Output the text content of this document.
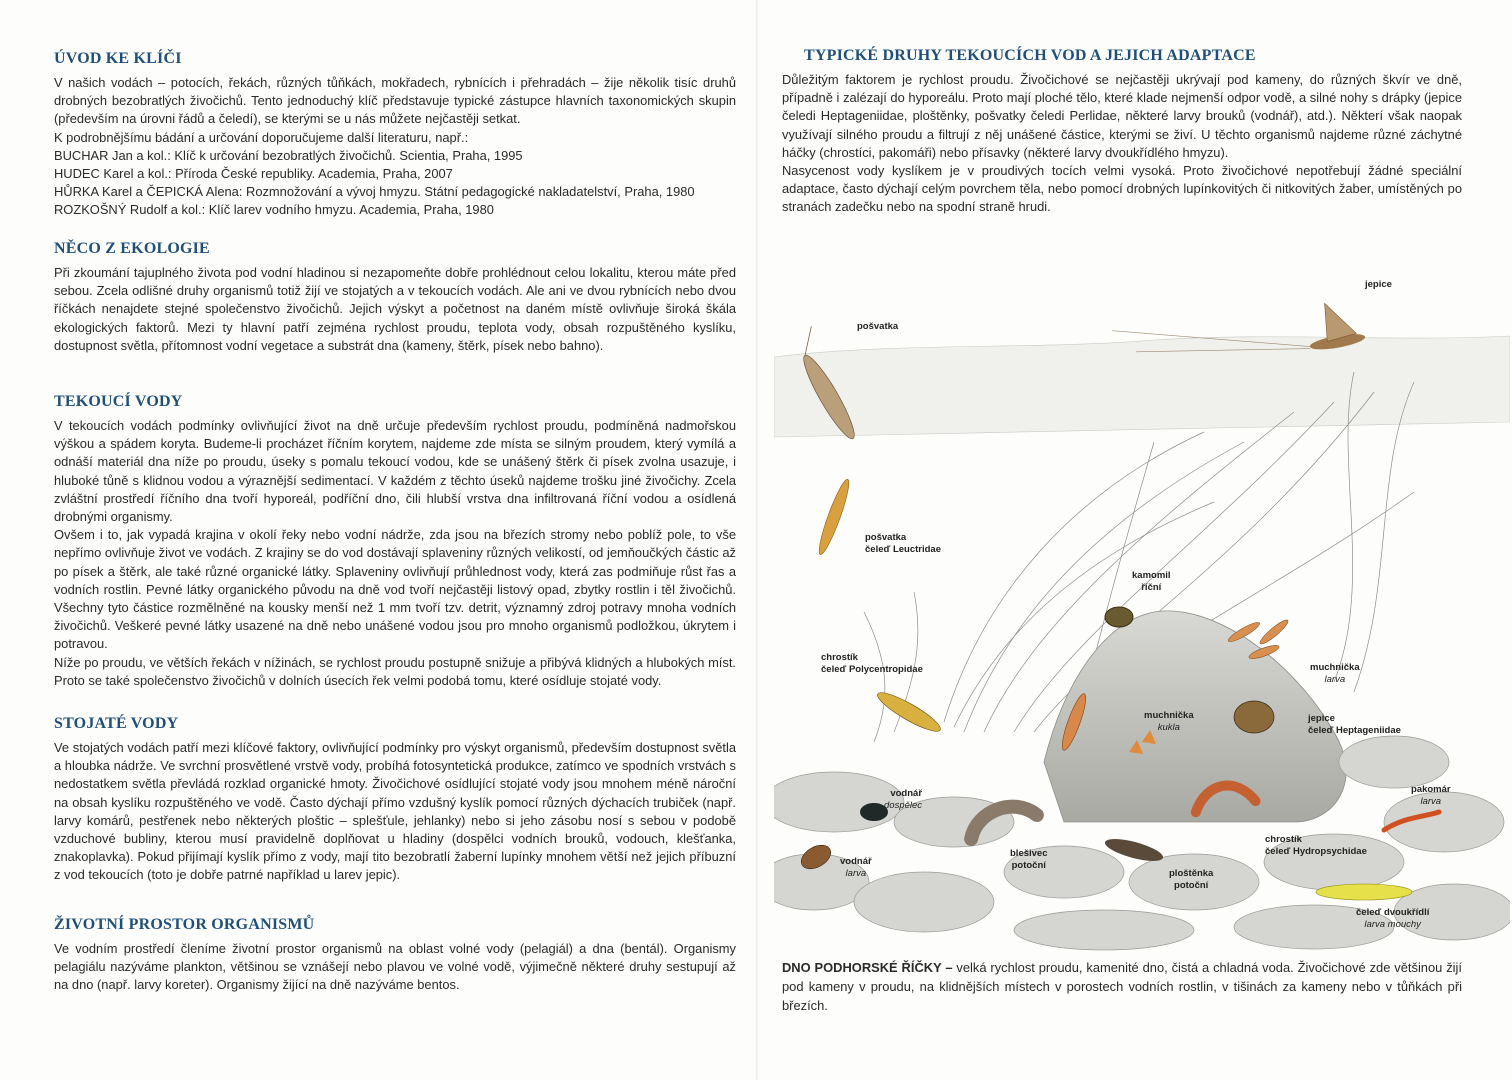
ÚVOD KE KLÍČI

V našich vodách – potocích, řekách, různých tůňkách, mokřadech, rybnících i přehradách – žije několik tisíc druhů drobných bezobratlých živočichů. Tento jednoduchý klíč představuje typické zástupce hlavních taxonomických skupin (především na úrovni řádů a čeledí), se kterými se u nás můžete nejčastěji setkat.

K podrobnějšímu bádání a určování doporučujeme další literaturu, např.:

BUCHAR Jan a kol.: Klíč k určování bezobratlých živočichů. Scientia, Praha, 1995
HUDEC Karel a kol.: Příroda České republiky. Academia, Praha, 2007
HŮRKA Karel a ČEPICKÁ Alena: Rozmnožování a vývoj hmyzu. Státní pedagogické nakladatelství, Praha, 1980
ROZKOŠNÝ Rudolf a kol.: Klíč larev vodního hmyzu. Academia, Praha, 1980
NĚCO Z EKOLOGIE

Při zkoumání tajuplného života pod vodní hladinou si nezapomeňte dobře prohlédnout celou lokalitu, kterou máte před sebou. Zcela odlišné druhy organismů totiž žijí ve stojatých a v tekoucích vodách. Ale ani ve dvou rybnících nebo dvou říčkách nenajdete stejné společenstvo živočichů. Jejich výskyt a početnost na daném místě ovlivňuje široká škála ekologických faktorů. Mezi ty hlavní patří zejména rychlost proudu, teplota vody, obsah rozpuštěného kyslíku, dostupnost světla, přítomnost vodní vegetace a substrát dna (kameny, štěrk, písek nebo bahno).

TEKOUCÍ VODY

V tekoucích vodách podmínky ovlivňující život na dně určuje především rychlost proudu, podmíněná nadmořskou výškou a spádem koryta. Budeme-li procházet říčním korytem, najdeme zde místa se silným proudem, který vymílá a odnáší materiál dna níže po proudu, úseky s pomalu tekoucí vodou, kde se unášený štěrk či písek zvolna usazuje, i hluboké tůně s klidnou vodou a výraznější sedimentací. V každém z těchto úseků najdeme trošku jiné živočichy. Zcela zvláštní prostředí říčního dna tvoří hyporeál, podříční dno, čili hlubší vrstva dna infiltrovaná říční vodou a osídlená drobnými organismy.

Ovšem i to, jak vypadá krajina v okolí řeky nebo vodní nádrže, zda jsou na březích stromy nebo poblíž pole, to vše nepřímo ovlivňuje život ve vodách. Z krajiny se do vod dostávají splaveniny různých velikostí, od jemňoučkých částic až po písek a štěrk, ale také různé organické látky. Splaveniny ovlivňují průhlednost vody, která zas podmiňuje růst řas a vodních rostlin. Pevné látky organického původu na dně vod tvoří nejčastěji listový opad, zbytky rostlin i těl živočichů. Všechny tyto částice rozmělněné na kousky menší než 1 mm tvoří tzv. detrit, významný zdroj potravy mnoha vodních živočichů. Veškeré pevné látky usazené na dně nebo unášené vodou jsou pro mnoho organismů podložkou, úkrytem i potravou.

Níže po proudu, ve větších řekách v nížinách, se rychlost proudu postupně snižuje a přibývá klidných a hlubokých míst. Proto se také společenstvo živočichů v dolních úsecích řek velmi podobá tomu, které osídluje stojaté vody.

STOJATÉ VODY

Ve stojatých vodách patří mezi klíčové faktory, ovlivňující podmínky pro výskyt organismů, především dostupnost světla a hloubka nádrže. Ve svrchní prosvětlené vrstvě vody, probíhá fotosyntetická produkce, zatímco ve spodních vrstvách s nedostatkem světla převládá rozklad organické hmoty. Živočichové osídlující stojaté vody jsou mnohem méně nároční na obsah kyslíku rozpuštěného ve vodě. Často dýchají přímo vzdušný kyslík pomocí různých dýchacích trubiček (např. larvy komárů, pestřenek nebo některých ploštic – splešťule, jehlanky) nebo si jeho zásobu nosí s sebou v podobě vzduchové bubliny, kterou musí pravidelně doplňovat u hladiny (dospělci vodních brouků, vodouch, klešťanka, znakoplavka). Pokud přijímají kyslík přímo z vody, mají tito bezobratlí žaberní lupínky mnohem větší než jejich příbuzní z vod tekoucích (toto je dobře patrné například u larev jepic).

ŽIVOTNÍ PROSTOR ORGANISMŮ

Ve vodním prostředí členíme životní prostor organismů na oblast volné vody (pelagiál) a dna (bentál). Organismy pelagiálu nazýváme plankton, většinou se vznášejí nebo plavou ve volné vodě, výjimečně některé druhy sestupují až na dno (např. larvy koreter). Organismy žijící na dně nazýváme bentos.

TYPICKÉ DRUHY TEKOUCÍCH VOD A JEJICH ADAPTACE

Důležitým faktorem je rychlost proudu. Živočichové se nejčastěji ukrývají pod kameny, do různých škvír ve dně, případně i zalézají do hyporeálu. Proto mají ploché tělo, které klade nejmenší odpor vodě, a silné nohy s drápky (jepice čeledi Heptageniidae, ploštěnky, pošvatky čeledi Perlidae, některé larvy brouků (vodnář), atd.). Některí však naopak využívají silného proudu a filtrují z něj unášené částice, kterými se živí. U těchto organismů najdeme různé záchytné háčky (chrostíci, pakomáři) nebo přísavky (některé larvy dvoukřídlého hmyzu).

Nasycenost vody kyslíkem je v proudivých tocích velmi vysoká. Proto živočichové nepotřebují žádné speciální adaptace, často dýchají celým povrchem těla, nebo pomocí drobných lupínkovitých či nitkovitých žaber, umístěných po stranách zadečku nebo na spodní straně hrudi.

jepice
pošvatka
pošvatka
čeleď Leuctridae
kamomil
říční
chrostík
čeleď Polycentropidae	muchnička
larva
muchnička
kukla
jepice
čeleď Heptageniidae
vodnář
dospělec
vodnář
larva
blešivec
potoční
ploštěnka
potoční
pakomár
larva
chrostík
čeleď Hydropsychidae
čeleď dvoukřídlí
larva mouchy
DNO PODHORSKÉ ŘÍČKY – velká rychlost proudu, kamenité dno, čistá a chladná voda. Živočichové zde většinou žijí pod kameny v proudu, na klidnějších místech v porostech vodních rostlin, v tišinách za kameny nebo v tůňkách při březích.
